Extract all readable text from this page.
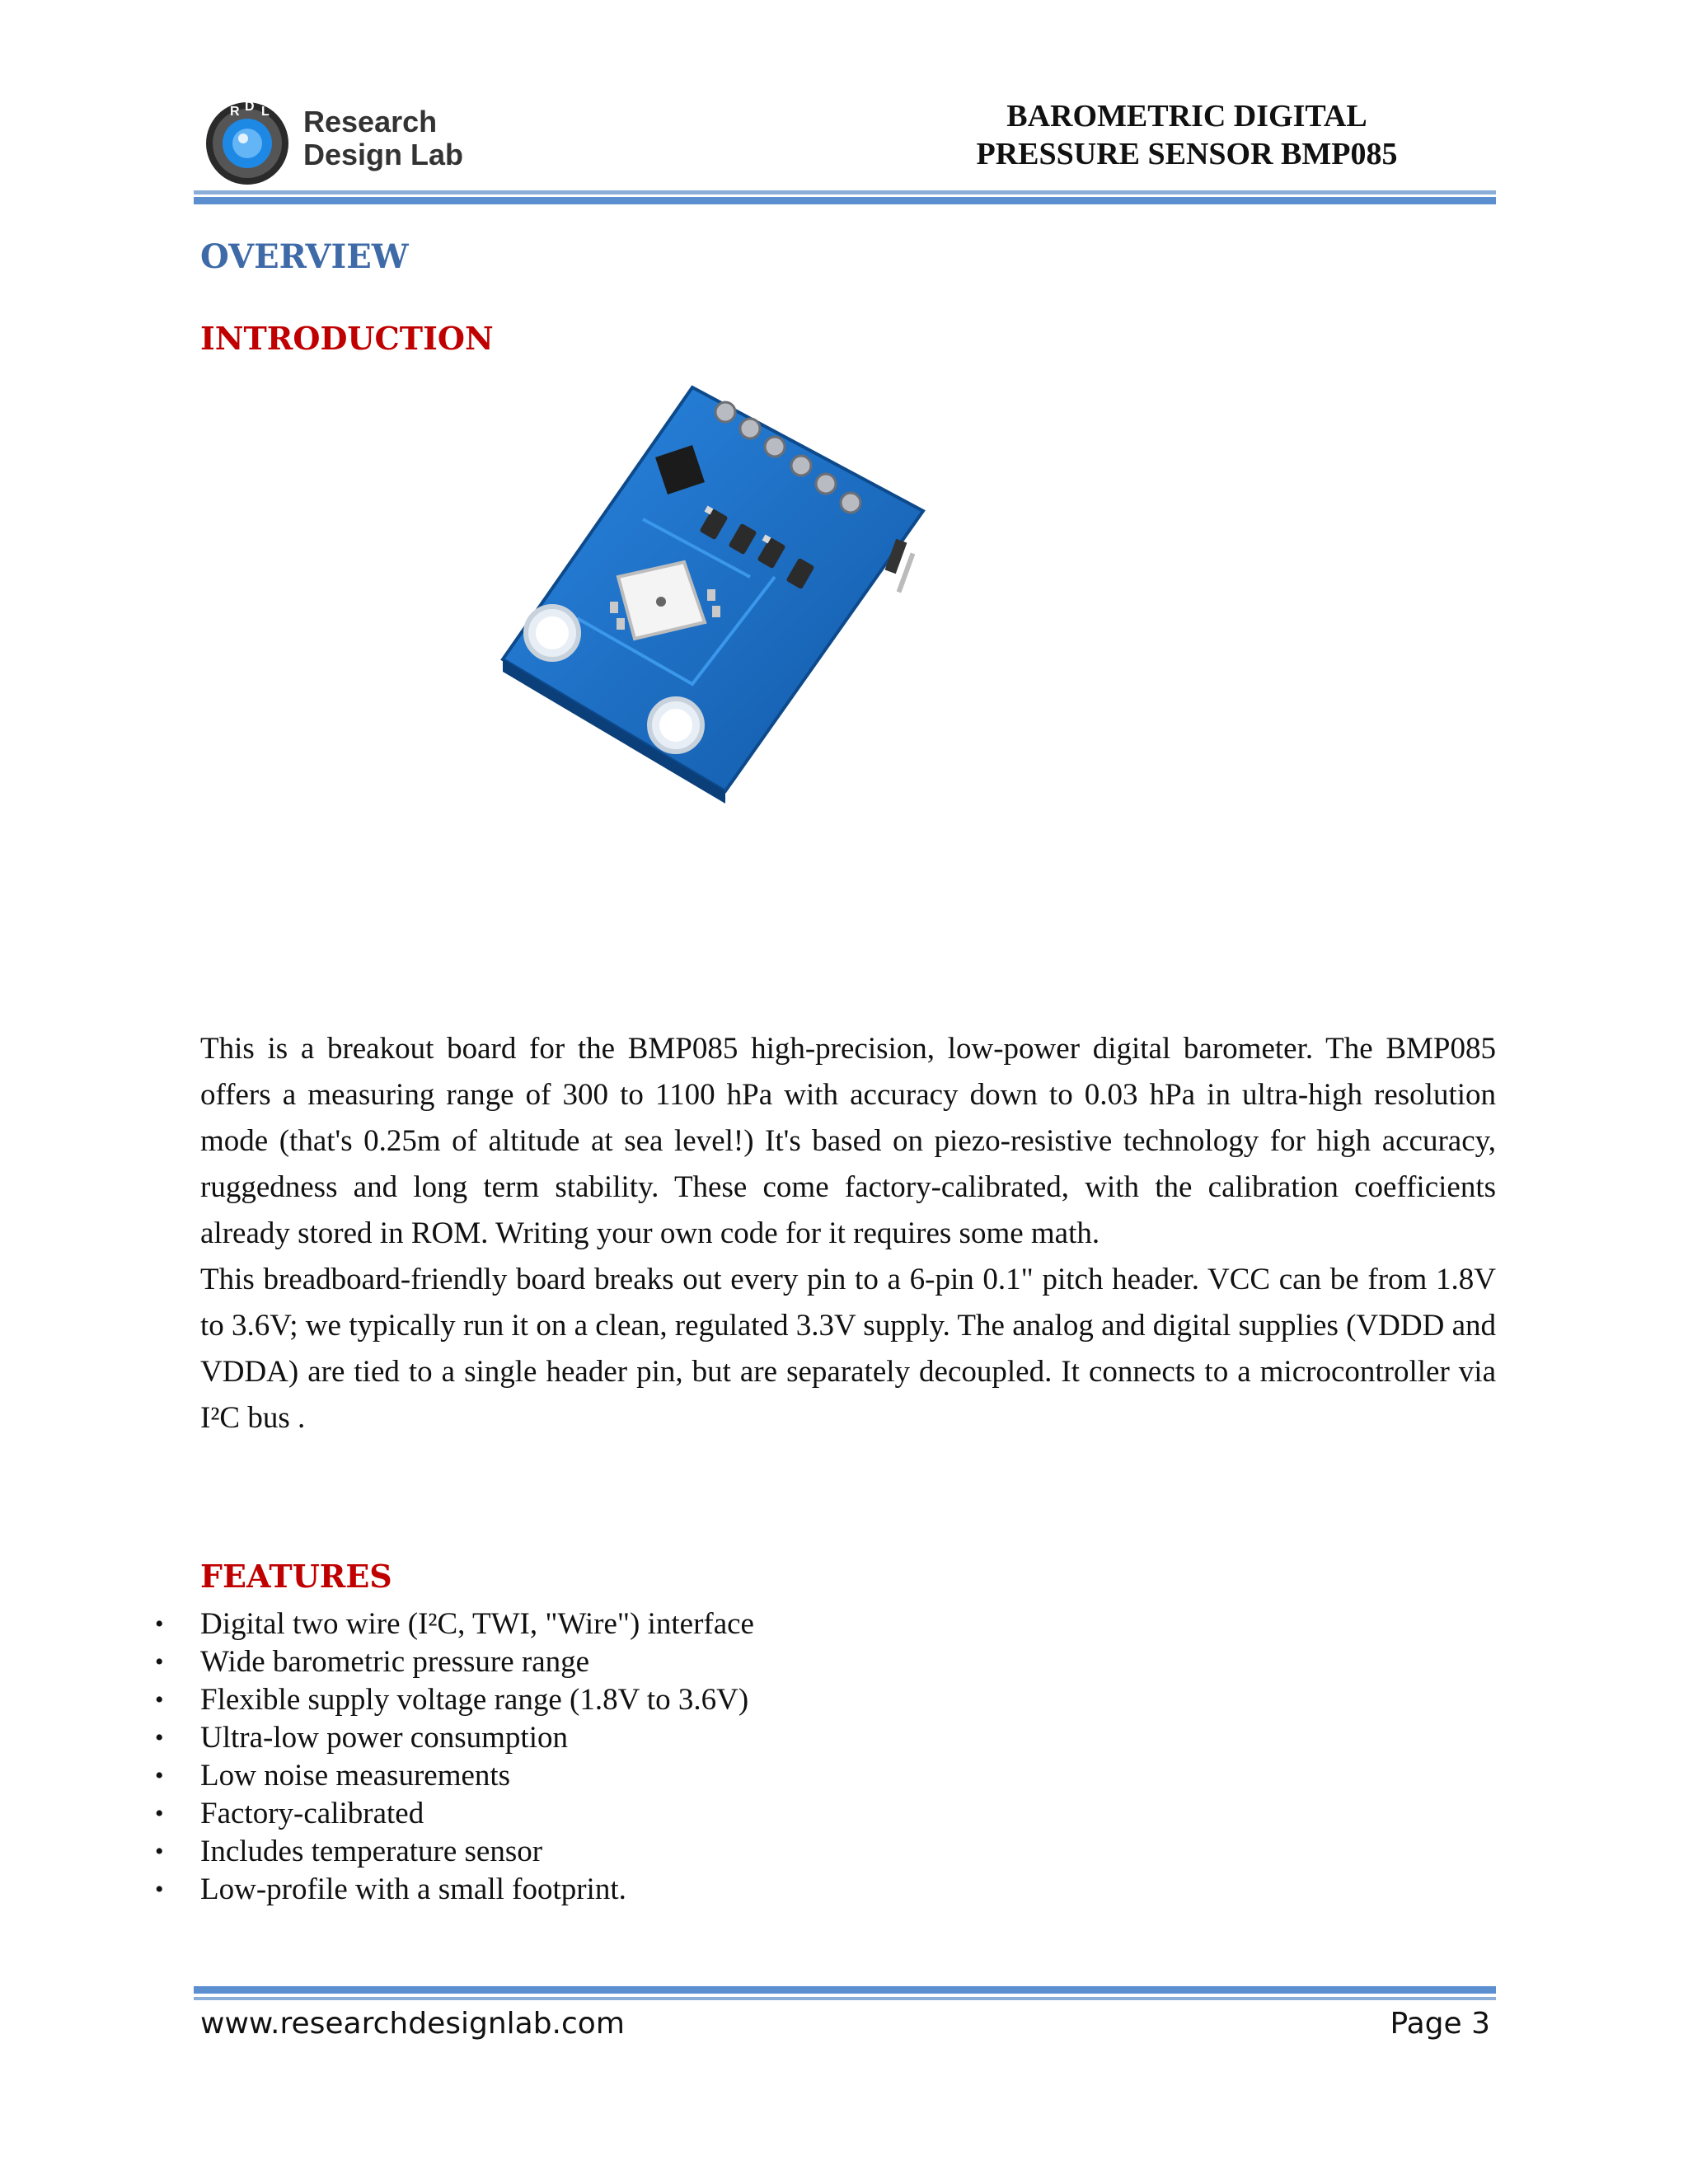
R D L Research
Design Lab
BAROMETRIC DIGITAL
PRESSURE SENSOR BMP085
OVERVIEW
INTRODUCTION

This is a breakout board for the BMP085 high-precision, low-power digital barometer. The BMP085 offers a measuring range of 300 to 1100 hPa with accuracy down to 0.03 hPa in ultra-high resolution mode (that's 0.25m of altitude at sea level!) It's based on piezo-resistive technology for high accuracy, ruggedness and long term stability. These come factory-calibrated, with the calibration coefficients already stored in ROM. Writing your own code for it requires some math.

This breadboard-friendly board breaks out every pin to a 6-pin 0.1" pitch header. VCC can be from 1.8V to 3.6V; we typically run it on a clean, regulated 3.3V supply. The analog and digital supplies (VDDD and VDDA) are tied to a single header pin, but are separately decoupled. It connects to a microcontroller via I²C bus .

FEATURES
• Digital two wire (I²C, TWI, "Wire") interface
• Wide barometric pressure range
• Flexible supply voltage range (1.8V to 3.6V)
• Ultra-low power consumption
• Low noise measurements
• Factory-calibrated
• Includes temperature sensor
• Low-profile with a small footprint.
www.researchdesignlab.com	Page 3
